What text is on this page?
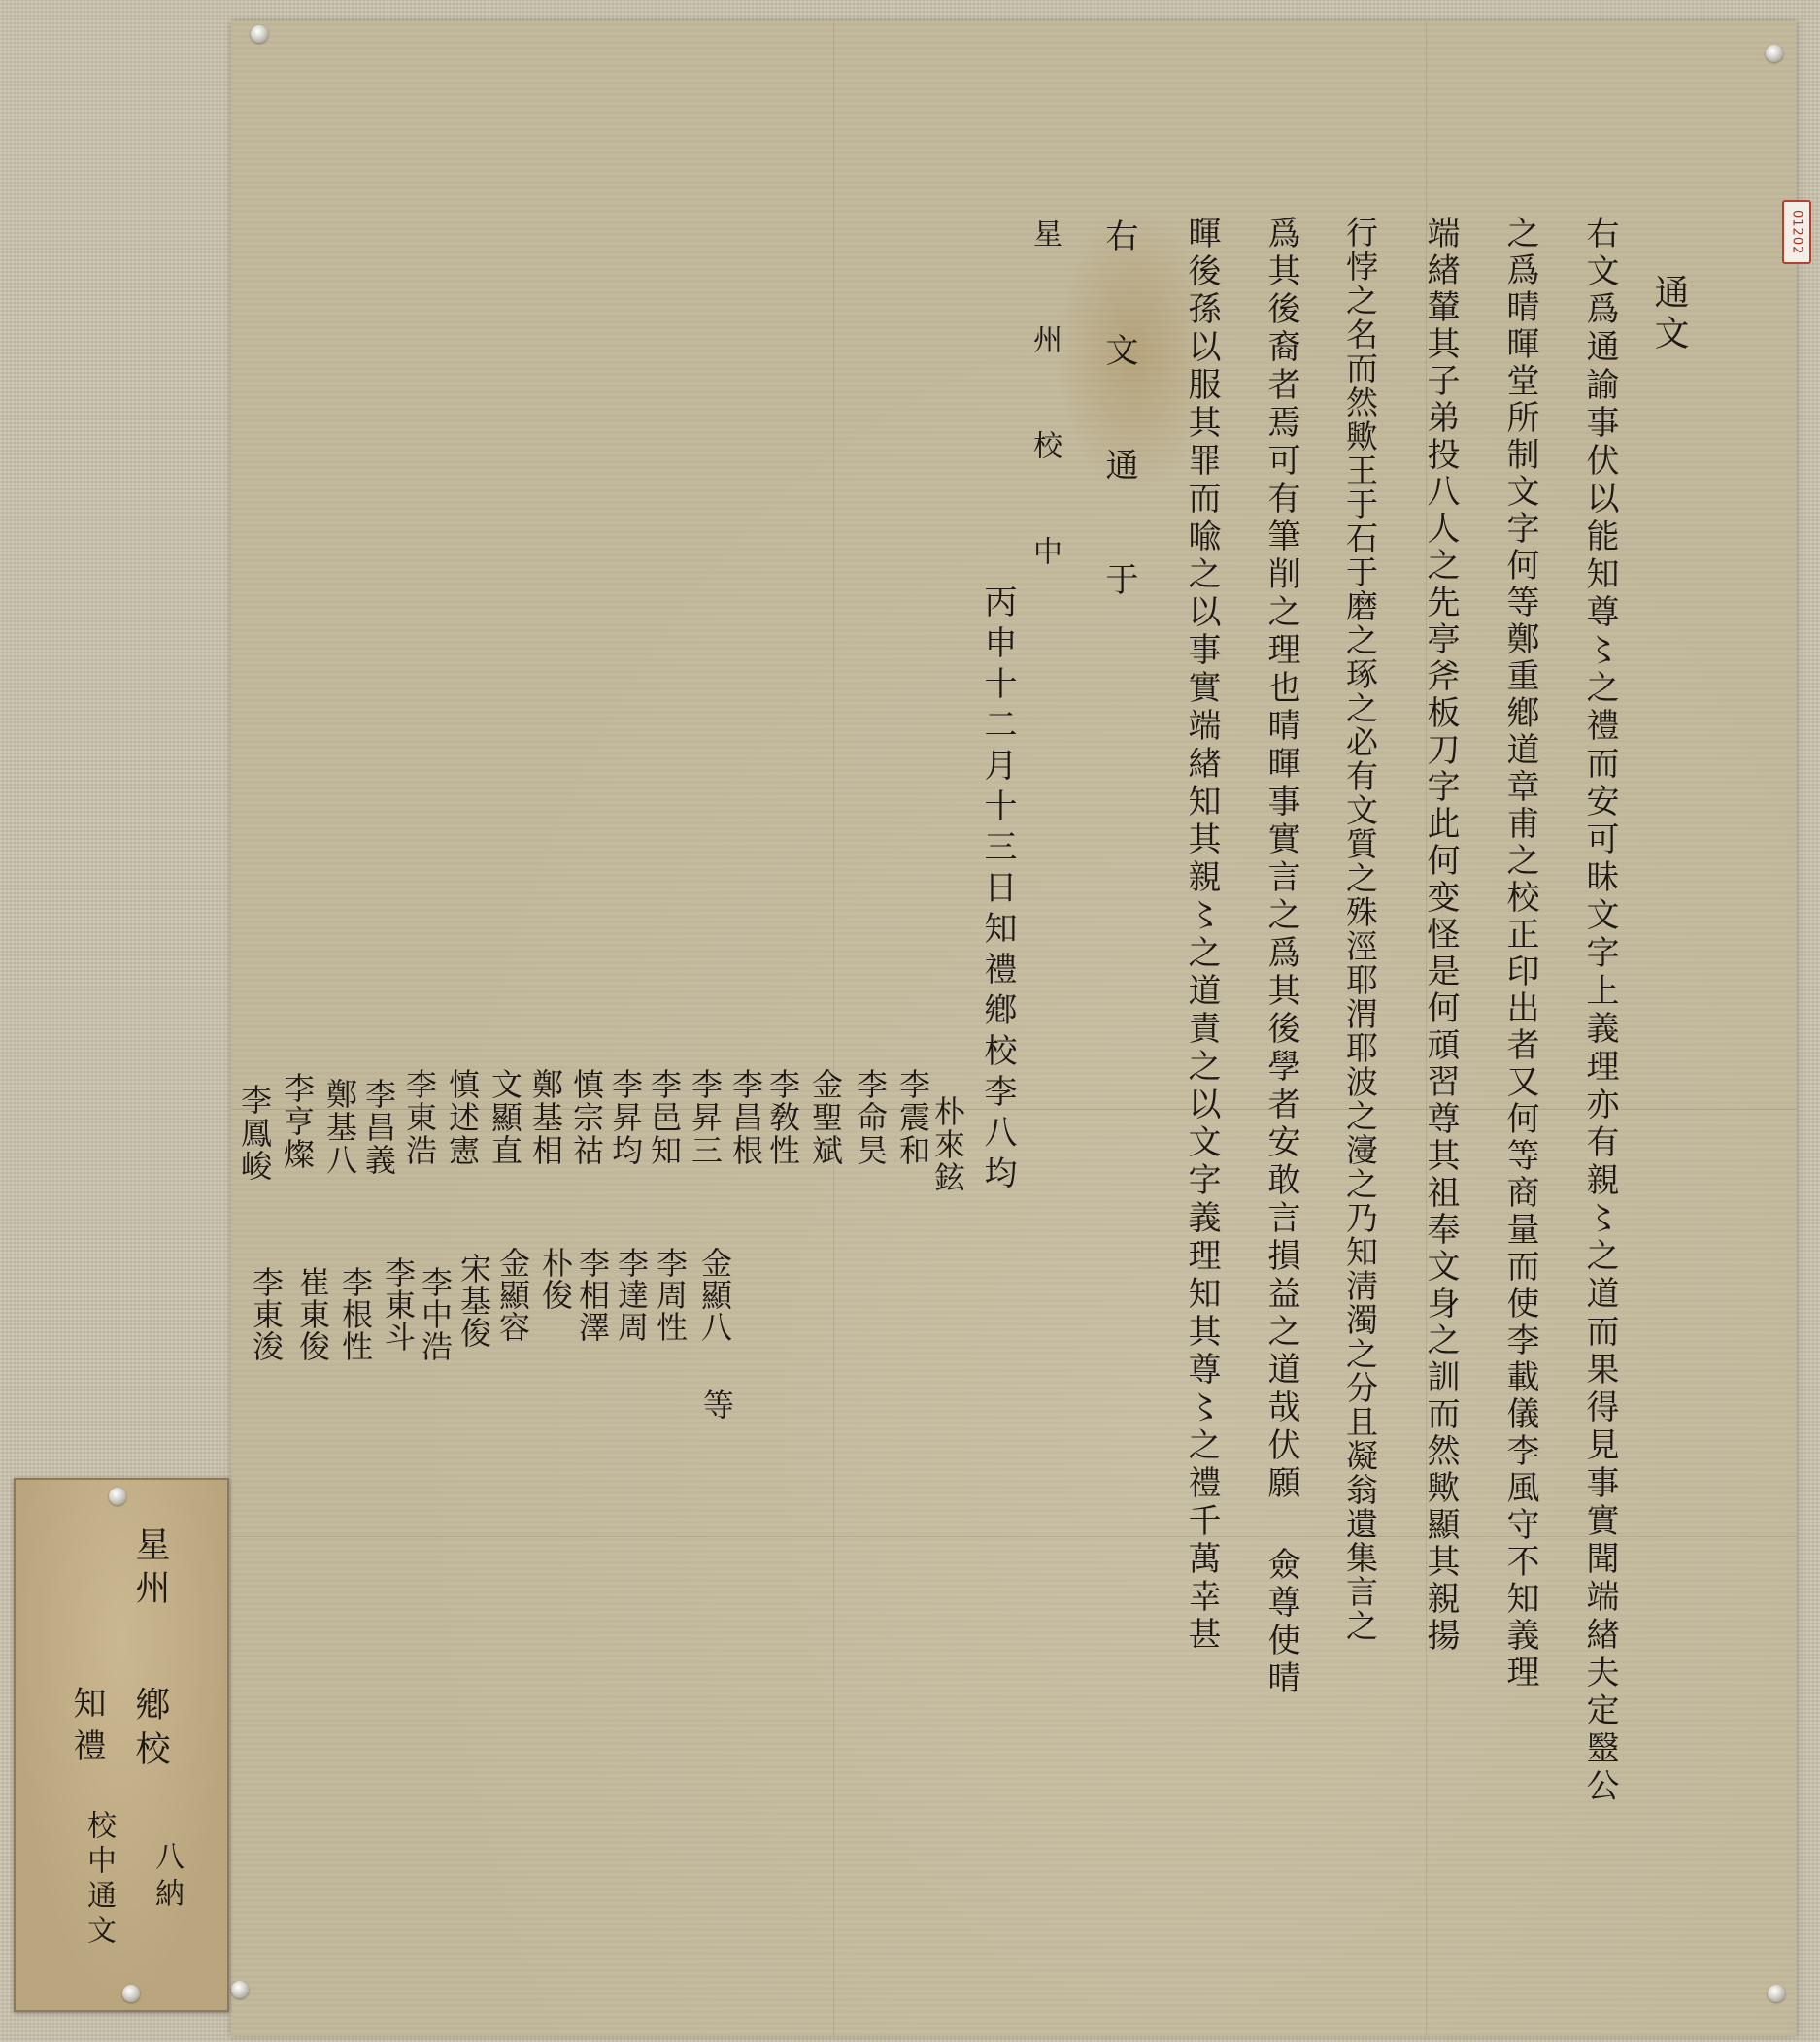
01202
通文
右文爲通諭事伏以能知尊〻之禮而安可昧文字上義理亦有親〻之道而果得見事實聞端緖夫定毉公
之爲晴暉堂所制文字何等鄭重鄕道章甫之校正印出者又何等商量而使李載儀李風守不知義理
端緖輦其子弟投八人之先亭斧板刀字此何变怪是何頑習尊其祖奉文身之訓而然歟顯其親揚
行悖之名而然歟王于石于磨之琢之必有文質之殊涇耶渭耶波之濅之乃知淸濁之分且凝翁遺集言之
爲其後裔者焉可有筆削之理也晴暉事實言之爲其後學者安敢言損益之道哉伏願 僉尊使晴
暉後孫以服其罪而喩之以事實端緖知其親〻之道責之以文字義理知其尊〻之禮千萬幸甚
右 文 通 于
星 州 校 中
丙申十二月十三日知禮鄕校李八均
朴來鉉
李震和
李命昊
金聖斌
李敎性
李昌根
李昇三
李邑知
李昇均
慎宗祜
鄭基相
文顯直
慎述憲
李東浩
李昌義
鄭基八
李亨燦
李鳳峻
金顯八
等
李周性
李達周
李相澤
朴俊
金顯容
宋基俊
李中浩
李東斗
李根性
崔東俊
李東浚
星州
鄕校
知禮
校中通文 八納
